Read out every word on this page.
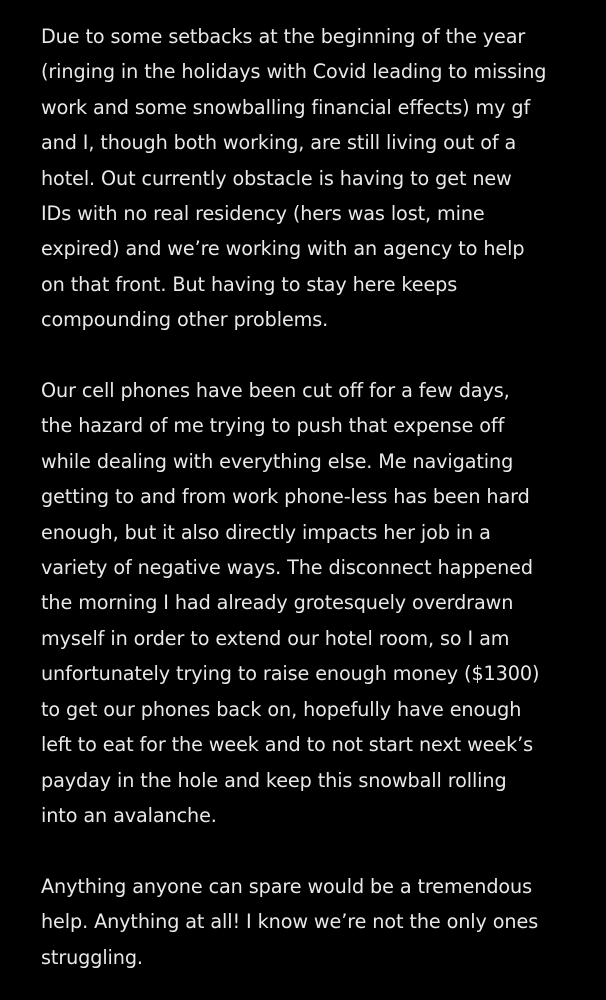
Due to some setbacks at the beginning of the year
(ringing in the holidays with Covid leading to missing
work and some snowballing financial effects) my gf
and I, though both working, are still living out of a
hotel. Out currently obstacle is having to get new
IDs with no real residency (hers was lost, mine
expired) and we’re working with an agency to help
on that front. But having to stay here keeps
compounding other problems.

Our cell phones have been cut off for a few days,
the hazard of me trying to push that expense off
while dealing with everything else. Me navigating
getting to and from work phone-less has been hard
enough, but it also directly impacts her job in a
variety of negative ways. The disconnect happened
the morning I had already grotesquely overdrawn
myself in order to extend our hotel room, so I am
unfortunately trying to raise enough money ($1300)
to get our phones back on, hopefully have enough
left to eat for the week and to not start next week’s
payday in the hole and keep this snowball rolling
into an avalanche.

Anything anyone can spare would be a tremendous
help. Anything at all! I know we’re not the only ones
struggling.
